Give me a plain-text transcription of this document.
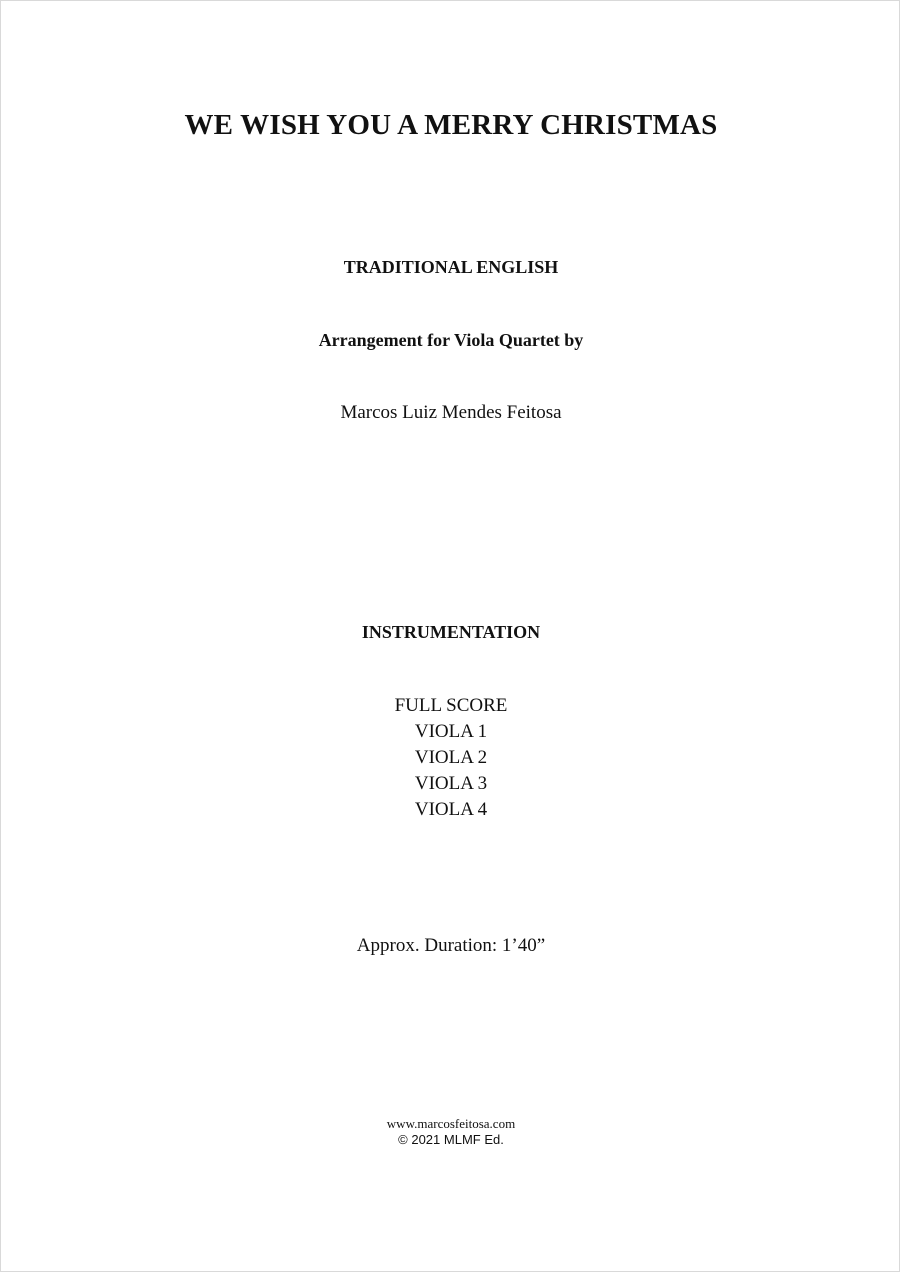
WE WISH YOU A MERRY CHRISTMAS
TRADITIONAL ENGLISH
Arrangement for Viola Quartet by
Marcos Luiz Mendes Feitosa
INSTRUMENTATION
FULL SCORE
VIOLA 1
VIOLA 2
VIOLA 3
VIOLA 4
Approx. Duration: 1’40”
www.marcosfeitosa.com
© 2021 MLMF Ed.
